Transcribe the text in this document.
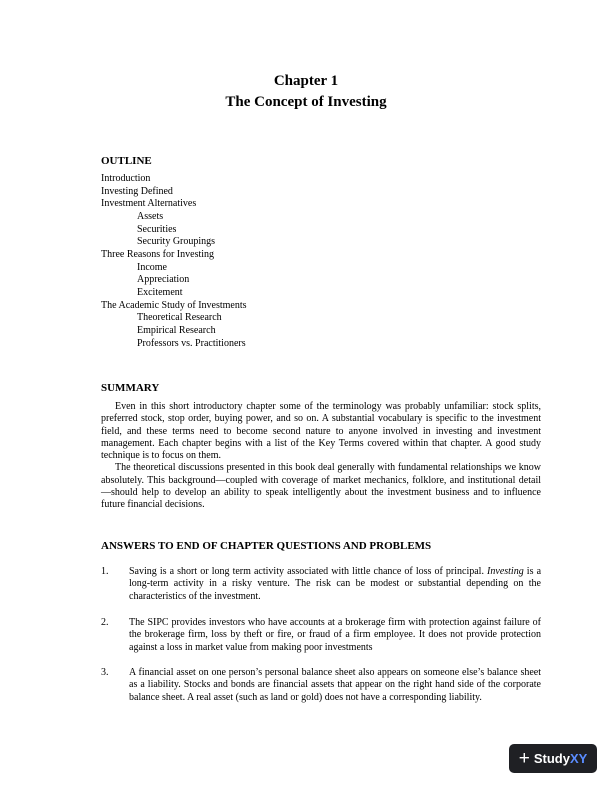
Chapter 1
The Concept of Investing
OUTLINE
Introduction
Investing Defined
Investment Alternatives
Assets
Securities
Security Groupings
Three Reasons for Investing
Income
Appreciation
Excitement
The Academic Study of Investments
Theoretical Research
Empirical Research
Professors vs. Practitioners
SUMMARY

Even in this short introductory chapter some of the terminology was probably unfamiliar: stock splits, preferred stock, stop order, buying power, and so on. A substantial vocabulary is specific to the investment field, and these terms need to become second nature to anyone involved in investing and investment management. Each chapter begins with a list of the Key Terms covered within that chapter. A good study technique is to focus on them.

The theoretical discussions presented in this book deal generally with fundamental relationships we know absolutely. This background—coupled with coverage of market mechanics, folklore, and institutional detail—should help to develop an ability to speak intelligently about the investment business and to influence future financial decisions.

ANSWERS TO END OF CHAPTER QUESTIONS AND PROBLEMS
1. Saving is a short or long term activity associated with little chance of loss of principal. Investing is a long-term activity in a risky venture. The risk can be modest or substantial depending on the characteristics of the investment.
2. The SIPC provides investors who have accounts at a brokerage firm with protection against failure of the brokerage firm, loss by theft or fire, or fraud of a firm employee. It does not provide protection against a loss in market value from making poor investments
3. A financial asset on one person’s personal balance sheet also appears on someone else’s balance sheet as a liability. Stocks and bonds are financial assets that appear on the right hand side of the corporate balance sheet. A real asset (such as land or gold) does not have a corresponding liability.
+ Study XY
